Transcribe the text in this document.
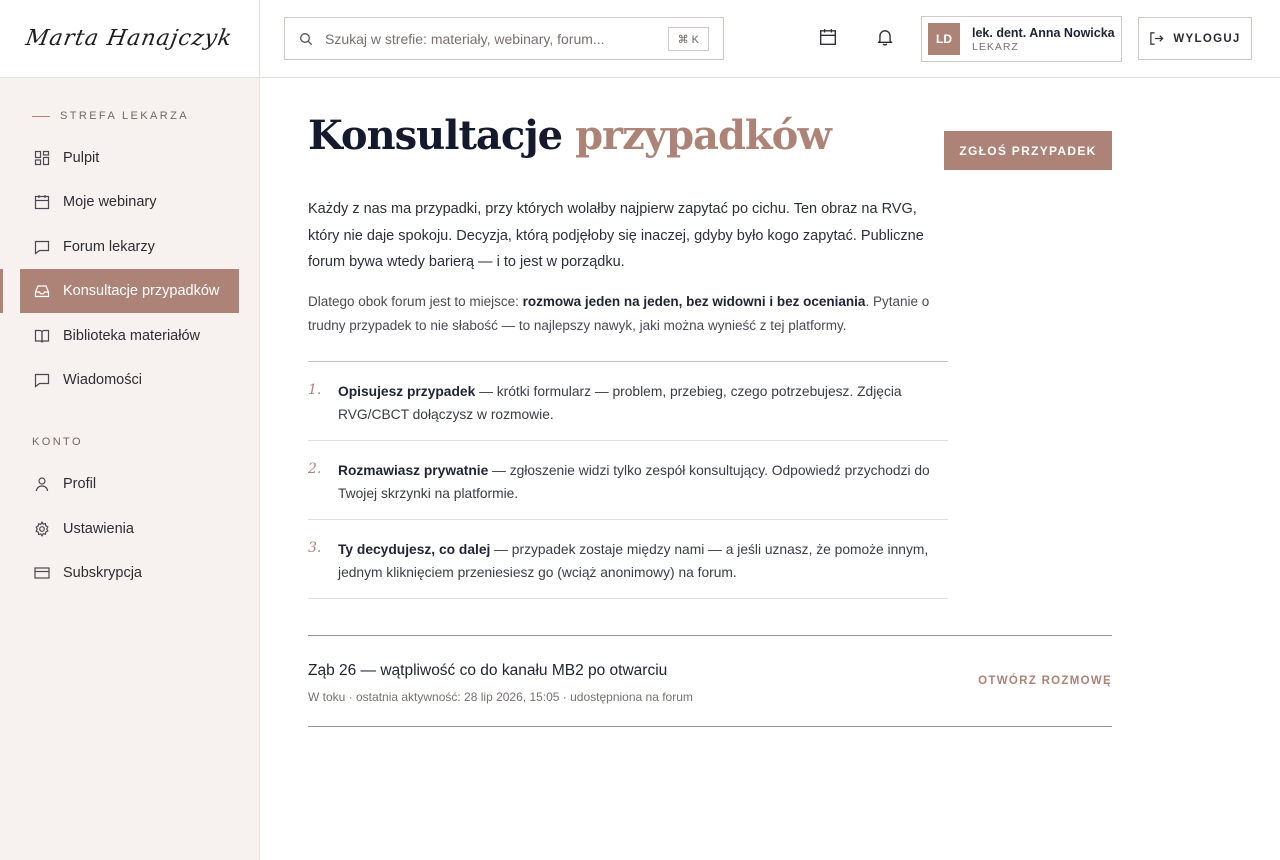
Marta Hanajczyk
STREFA LEKARZA
Pulpit
Moje webinary
Forum lekarzy
Konsultacje przypadków
Biblioteka materiałów
Wiadomości
KONTO
Profil
Ustawienia
Subskrypcja
Szukaj w strefie: materiały, webinary, forum...
⌘ K	LD	lek. dent. Anna Nowicka
LEKARZ
WYLOGUJ
Konsultacje przypadków	ZGŁOŚ PRZYPADEK

Każdy z nas ma przypadki, przy których wolałby najpierw zapytać po cichu. Ten obraz na RVG, który nie daje spokoju. Decyzja, którą podjęłoby się inaczej, gdyby było kogo zapytać. Publiczne forum bywa wtedy barierą — i to jest w porządku.

Dlatego obok forum jest to miejsce: rozmowa jeden na jeden, bez widowni i bez oceniania. Pytanie o trudny przypadek to nie słabość — to najlepszy nawyk, jaki można wynieść z tej platformy.

1. Opisujesz przypadek — krótki formularz — problem, przebieg, czego potrzebujesz. Zdjęcia RVG/CBCT dołączysz w rozmowie.
2. Rozmawiasz prywatnie — zgłoszenie widzi tylko zespół konsultujący. Odpowiedź przychodzi do Twojej skrzynki na platformie.
3. Ty decydujesz, co dalej — przypadek zostaje między nami — a jeśli uznasz, że pomoże innym, jednym kliknięciem przeniesiesz go (wciąż anonimowy) na forum.
Ząb 26 — wątpliwość co do kanału MB2 po otwarciu
W toku · ostatnia aktywność: 28 lip 2026, 15:05 · udostępniona na forum
OTWÓRZ ROZMOWĘ
